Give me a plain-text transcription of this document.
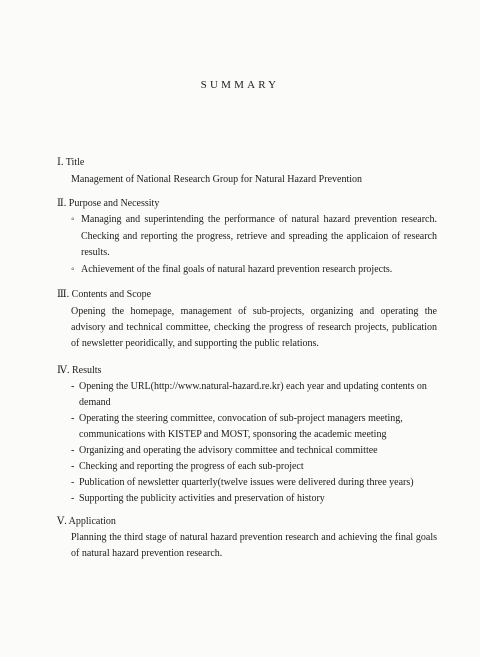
SUMMARY
Ⅰ. Title
Management of National Research Group for Natural Hazard Prevention
Ⅱ. Purpose and Necessity
◦ Managing and superintending the performance of natural hazard prevention research. Checking and reporting the progress, retrieve and spreading the applicaion of research results.
◦ Achievement of the final goals of natural hazard prevention research projects.
Ⅲ. Contents and Scope
Opening the homepage, management of sub-projects, organizing and operating the advisory and technical committee, checking the progress of research projects, publication of newsletter peoridically, and supporting the public relations.
Ⅳ. Results
- Opening the URL(http://www.natural-hazard.re.kr) each year and updating contents on demand
- Operating the steering committee, convocation of sub-project managers meeting, communications with KISTEP and MOST, sponsoring the academic meeting
- Organizing and operating the advisory committee and technical committee
- Checking and reporting the progress of each sub-project
- Publication of newsletter quarterly(twelve issues were delivered during three years)
- Supporting the publicity activities and preservation of history
Ⅴ. Application
Planning the third stage of natural hazard prevention research and achieving the final goals of natural hazard prevention research.
